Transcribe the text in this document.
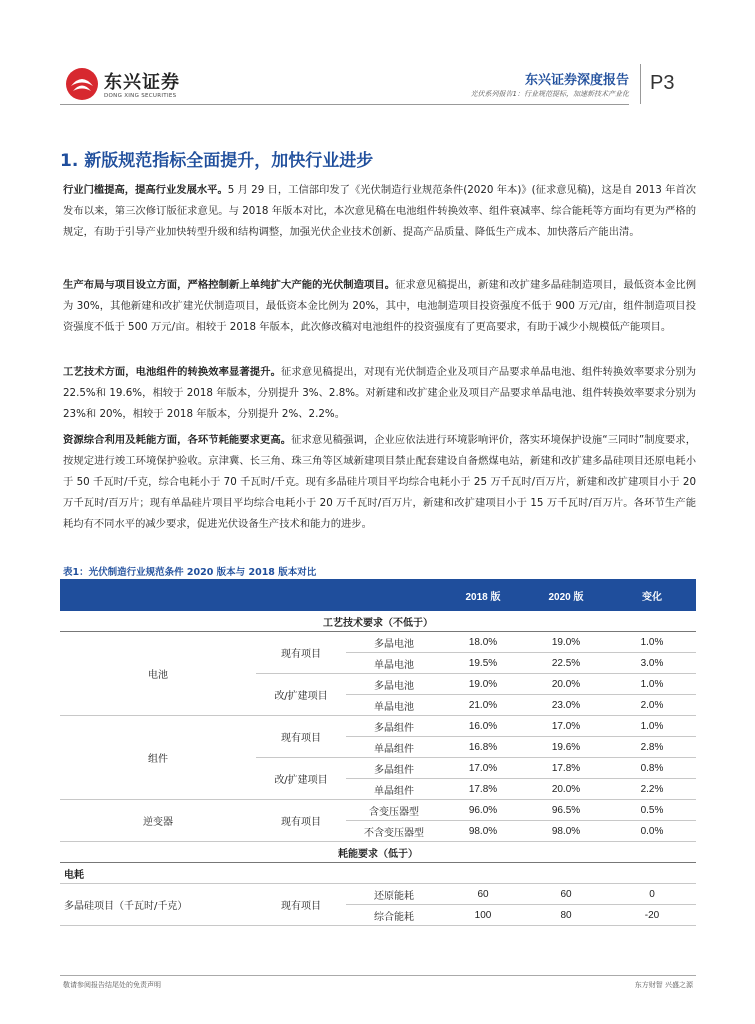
东兴证券
DONG XING SECURITIES
东兴证券深度报告
光伏系列报告1：行业规范提标，加速新技术产业化 P3
1. 新版规范指标全面提升，加快行业进步
行业门槛提高，提高行业发展水平。5 月 29 日，工信部印发了《光伏制造行业规范条件(2020 年本)》(征求意见稿)，这是自 2013 年首次发布以来，第三次修订版征求意见。与 2018 年版本对比，本次意见稿在电池组件转换效率、组件衰减率、综合能耗等方面均有更为严格的规定，有助于引导产业加快转型升级和结构调整，加强光伏企业技术创新、提高产品质量、降低生产成本、加快落后产能出清。
生产布局与项目设立方面，严格控制新上单纯扩大产能的光伏制造项目。征求意见稿提出，新建和改扩建多晶硅制造项目，最低资本金比例为 30%，其他新建和改扩建光伏制造项目，最低资本金比例为 20%，其中，电池制造项目投资强度不低于 900 万元/亩，组件制造项目投资强度不低于 500 万元/亩。相较于 2018 年版本，此次修改稿对电池组件的投资强度有了更高要求，有助于减少小规模低产能项目。
工艺技术方面，电池组件的转换效率显著提升。征求意见稿提出，对现有光伏制造企业及项目产品要求单晶电池、组件转换效率要求分别为 22.5%和 19.6%，相较于 2018 年版本，分别提升 3%、2.8%。对新建和改扩建企业及项目产品要求单晶电池、组件转换效率要求分别为 23%和 20%，相较于 2018 年版本，分别提升 2%、2.2%。
资源综合利用及耗能方面，各环节耗能要求更高。征求意见稿强调，企业应依法进行环境影响评价，落实环境保护设施“三同时”制度要求，按规定进行竣工环境保护验收。京津冀、长三角、珠三角等区域新建项目禁止配套建设自备燃煤电站，新建和改扩建多晶硅项目还原电耗小于 50 千瓦时/千克，综合电耗小于 70 千瓦时/千克。现有多晶硅片项目平均综合电耗小于 25 万千瓦时/百万片，新建和改扩建项目小于 20 万千瓦时/百万片；现有单晶硅片项目平均综合电耗小于 20 万千瓦时/百万片，新建和改扩建项目小于 15 万千瓦时/百万片。各环节生产能耗均有不同水平的减少要求，促进光伏设备生产技术和能力的进步。
表1：光伏制造行业规范条件 2020 版本与 2018 版本对比
			2018 版	2020 版	变化
工艺技术要求（不低于）					
电池	现有项目	多晶电池	18.0%	19.0%	1.0%
		单晶电池	19.5%	22.5%	3.0%
	改/扩建项目	多晶电池	19.0%	20.0%	1.0%
		单晶电池	21.0%	23.0%	2.0%
组件	现有项目	多晶组件	16.0%	17.0%	1.0%
		单晶组件	16.8%	19.6%	2.8%
	改/扩建项目	多晶组件	17.0%	17.8%	0.8%
		单晶组件	17.8%	20.0%	2.2%
逆变器	现有项目	含变压器型	96.0%	96.5%	0.5%
		不含变压器型	98.0%	98.0%	0.0%
耗能要求（低于）					
电耗					
多晶硅项目（千瓦时/千克）	现有项目	还原能耗	60	60	0
		综合能耗	100	80	-20
敬请参阅报告结尾处的免责声明	东方财智 兴盛之源
